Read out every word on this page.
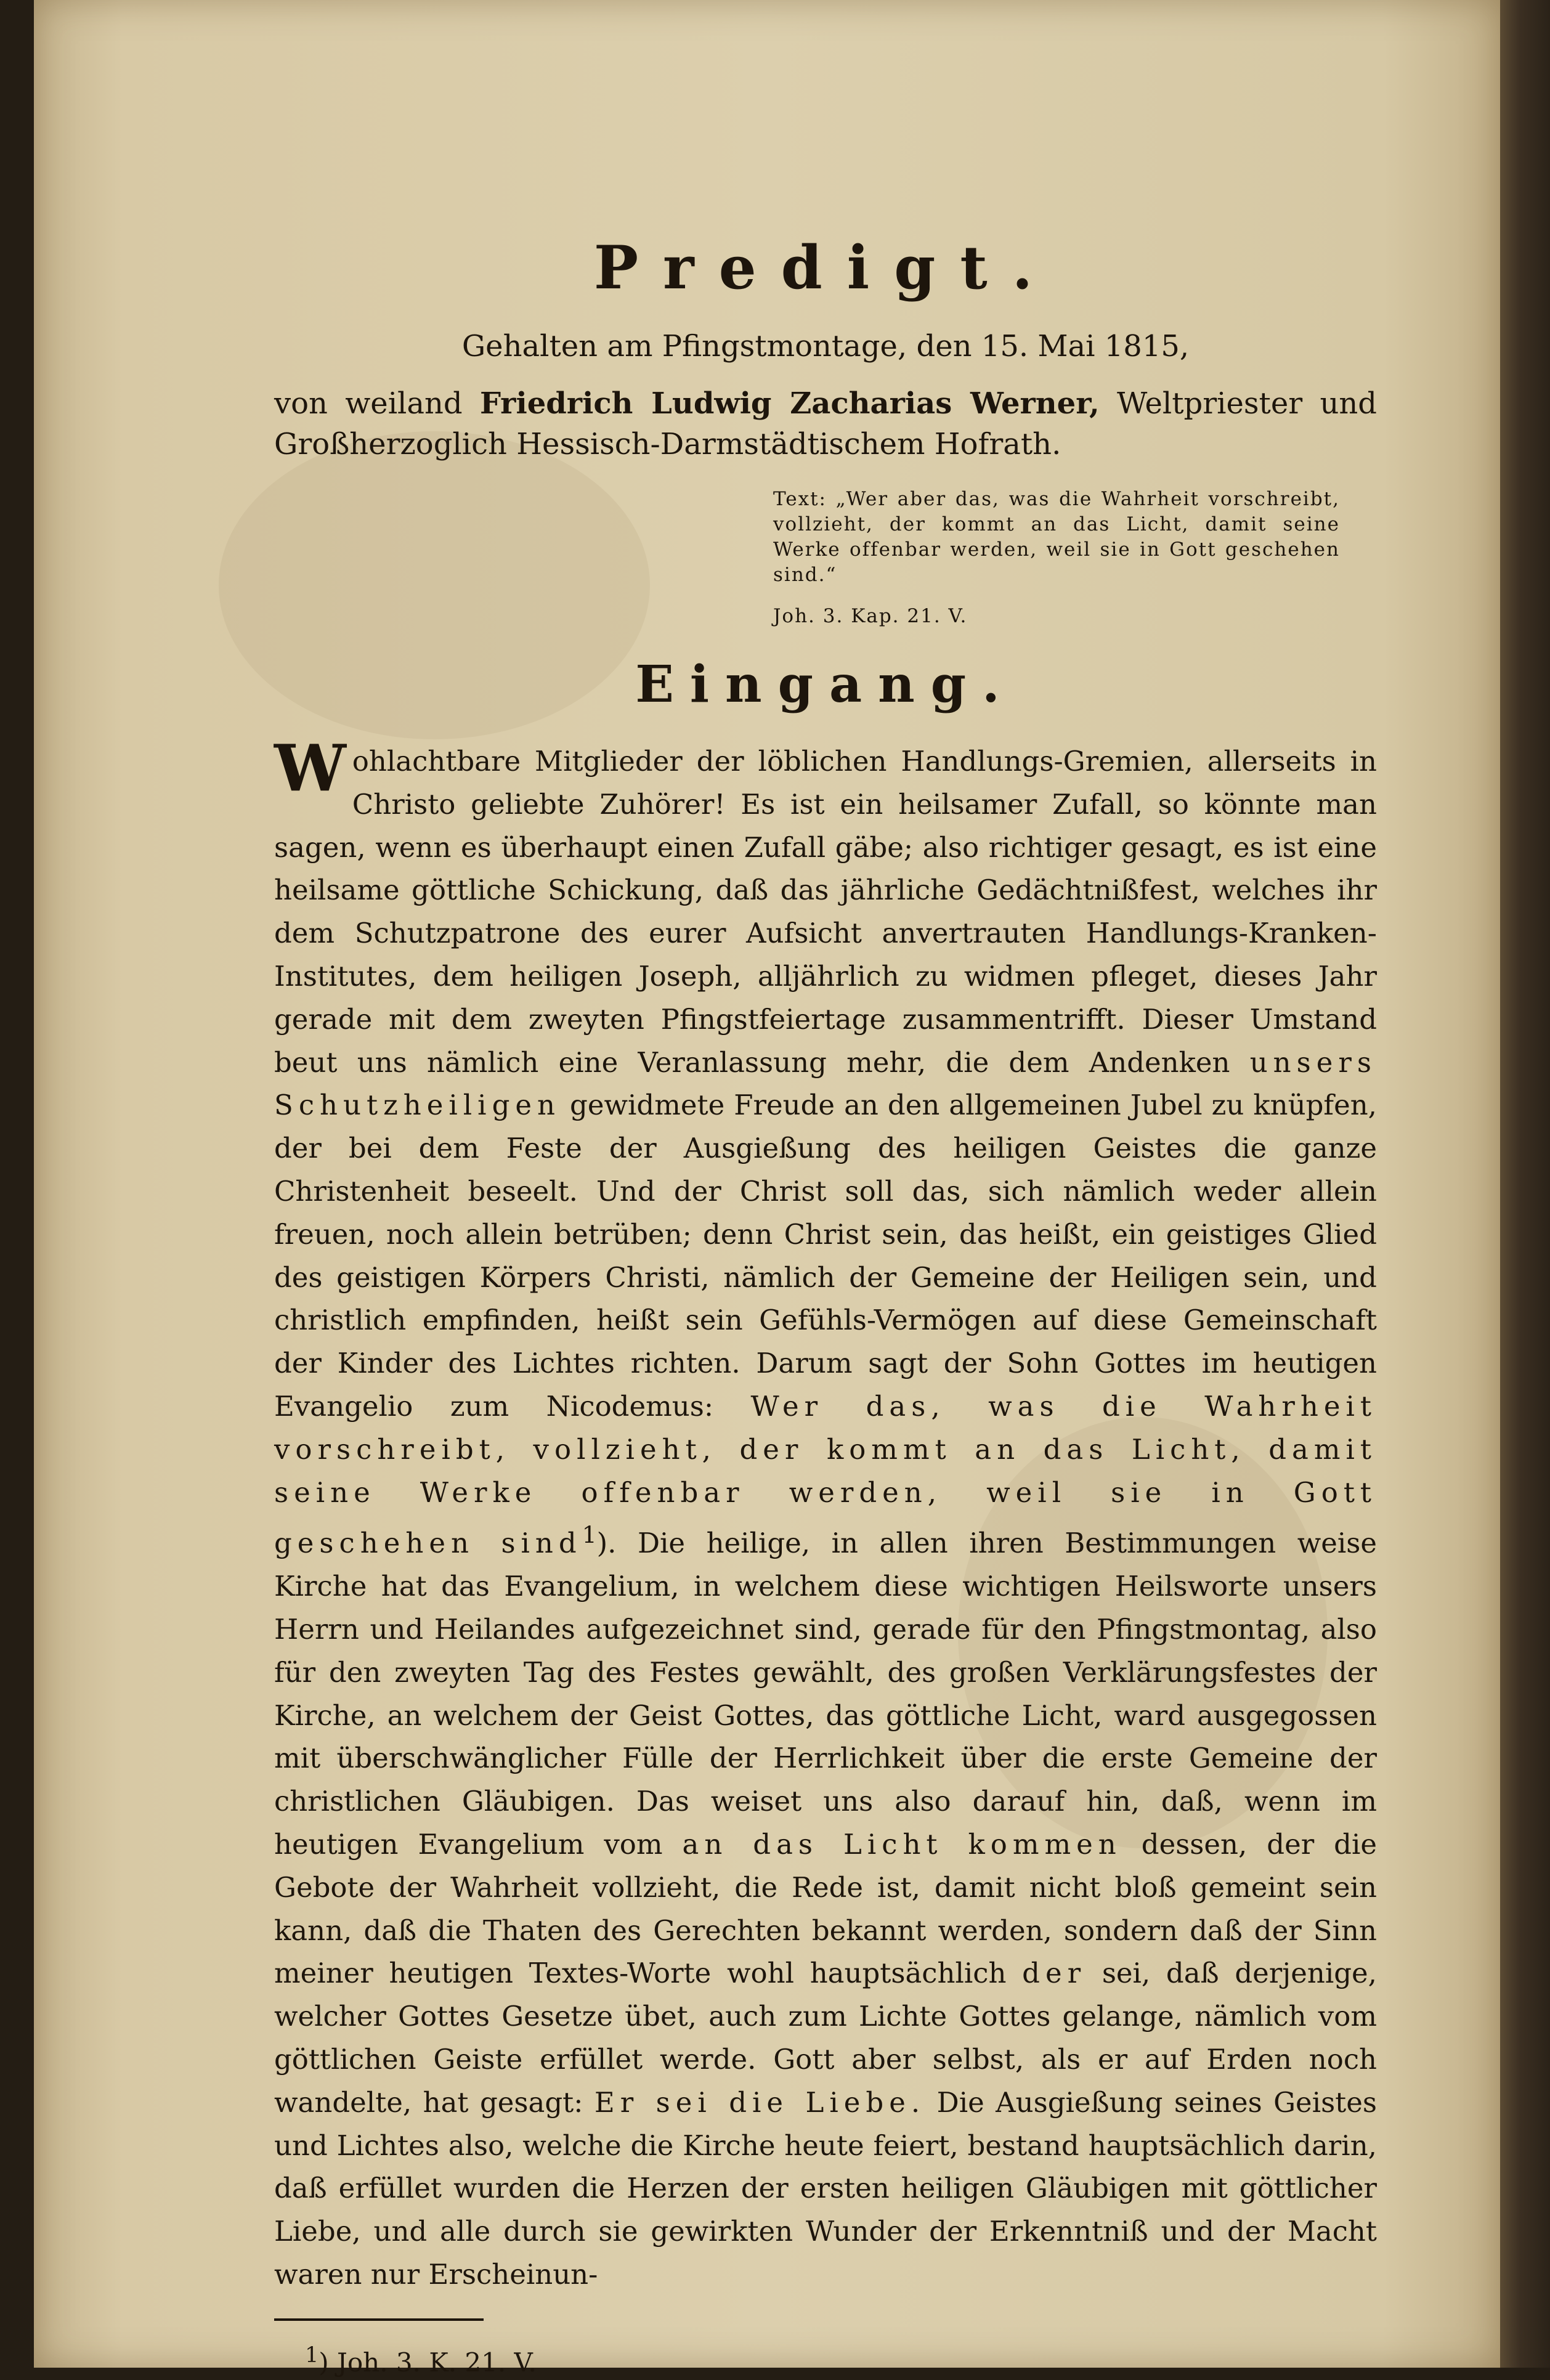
Predigt.
Gehalten am Pfingstmontage, den 15. Mai 1815,
von weiland Friedrich Ludwig Zacharias Werner, Weltpriester und Großherzoglich Hessisch-Darmstädtischem Hofrath.
Text: „Wer aber das, was die Wahrheit vorschreibt, vollzieht, der kommt an das Licht, damit seine Werke offenbar werden, weil sie in Gott geschehen sind.“
Joh. 3. Kap. 21. V.
Eingang.
Wohlachtbare Mitglieder der löblichen Handlungs-Gremien, allerseits in Christo geliebte Zuhörer! Es ist ein heilsamer Zufall, so könnte man sagen, wenn es überhaupt einen Zufall gäbe; also richtiger gesagt, es ist eine heilsame göttliche Schickung, daß das jährliche Gedächtnißfest, welches ihr dem Schutzpatrone des eurer Aufsicht anvertrauten Handlungs-Kranken-Institutes, dem heiligen Joseph, alljährlich zu widmen pfleget, dieses Jahr gerade mit dem zweyten Pfingstfeiertage zusammentrifft. Dieser Umstand beut uns nämlich eine Veranlassung mehr, die dem Andenken unsers Schutzheiligen gewidmete Freude an den allgemeinen Jubel zu knüpfen, der bei dem Feste der Ausgießung des heiligen Geistes die ganze Christenheit beseelt. Und der Christ soll das, sich nämlich weder allein freuen, noch allein betrüben; denn Christ sein, das heißt, ein geistiges Glied des geistigen Körpers Christi, nämlich der Gemeine der Heiligen sein, und christlich empfinden, heißt sein Gefühls-Vermögen auf diese Gemeinschaft der Kinder des Lichtes richten. Darum sagt der Sohn Gottes im heutigen Evangelio zum Nicodemus: Wer das, was die Wahrheit vorschreibt, vollzieht, der kommt an das Licht, damit seine Werke offenbar werden, weil sie in Gott geschehen sind$^1$). Die heilige, in allen ihren Bestimmungen weise Kirche hat das Evangelium, in welchem diese wichtigen Heilsworte unsers Herrn und Heilandes aufgezeichnet sind, gerade für den Pfingstmontag, also für den zweyten Tag des Festes gewählt, des großen Verklärungsfestes der Kirche, an welchem der Geist Gottes, das göttliche Licht, ward ausgegossen mit überschwänglicher Fülle der Herrlichkeit über die erste Gemeine der christlichen Gläubigen. Das weiset uns also darauf hin, daß, wenn im heutigen Evangelium vom an das Licht kommen dessen, der die Gebote der Wahrheit vollzieht, die Rede ist, damit nicht bloß gemeint sein kann, daß die Thaten des Gerechten bekannt werden, sondern daß der Sinn meiner heutigen Textes-Worte wohl hauptsächlich der sei, daß derjenige, welcher Gottes Gesetze übet, auch zum Lichte Gottes gelange, nämlich vom göttlichen Geiste erfüllet werde. Gott aber selbst, als er auf Erden noch wandelte, hat gesagt: Er sei die Liebe. Die Ausgießung seines Geistes und Lichtes also, welche die Kirche heute feiert, bestand hauptsächlich darin, daß erfüllet wurden die Herzen der ersten heiligen Gläubigen mit göttlicher Liebe, und alle durch sie gewirkten Wunder der Erkenntniß und der Macht waren nur Erscheinun-
$^1$) Joh. 3. K. 21. V.
